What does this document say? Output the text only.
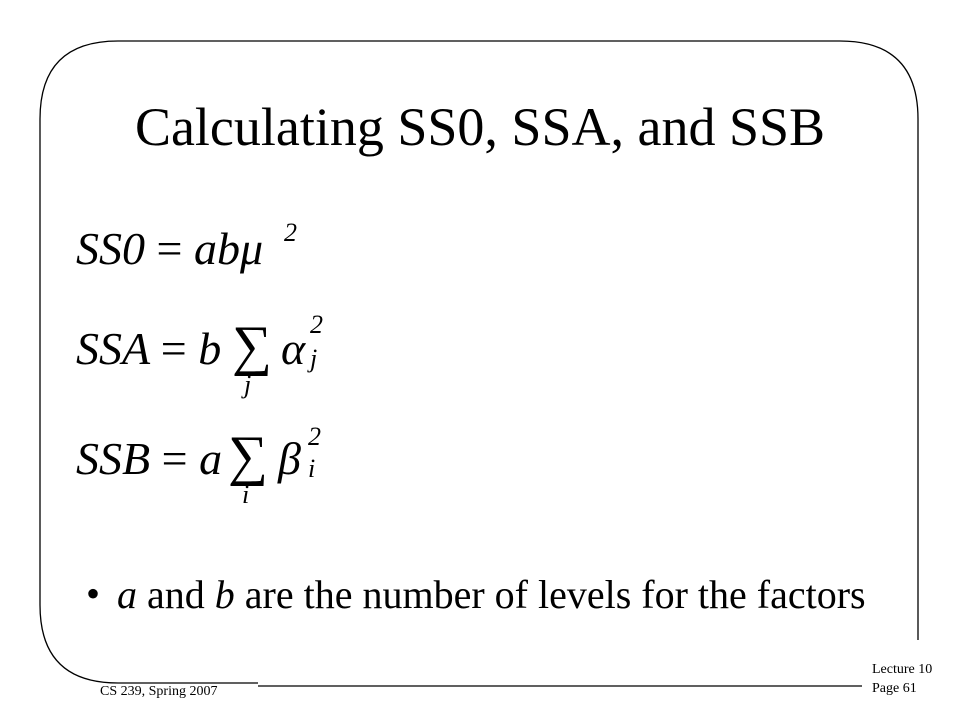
Calculating SS0, SSA, and SSB
SS0 = abμ 2
SSA = b ∑
j
α 2
j
SSB = a ∑
i
β 2
i
• a and b are the number of levels for the factors
CS 239, Spring 2007
Lecture 10
Page 61
